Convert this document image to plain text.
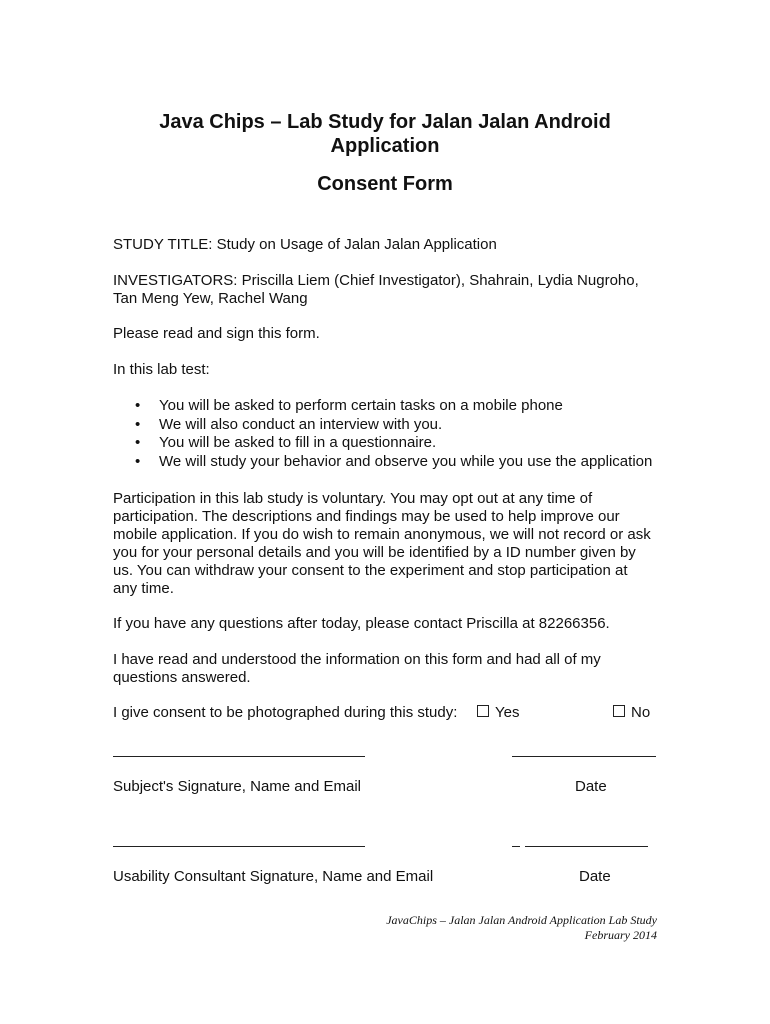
Java Chips – Lab Study for Jalan Jalan Android
Application
Consent Form
STUDY TITLE: Study on Usage of Jalan Jalan Application
INVESTIGATORS: Priscilla Liem (Chief Investigator), Shahrain, Lydia Nugroho,
Tan Meng Yew, Rachel Wang
Please read and sign this form.
In this lab test:
• You will be asked to perform certain tasks on a mobile phone
• We will also conduct an interview with you.
• You will be asked to fill in a questionnaire.
• We will study your behavior and observe you while you use the application
Participation in this lab study is voluntary. You may opt out at any time of
participation. The descriptions and findings may be used to help improve our
mobile application. If you do wish to remain anonymous, we will not record or ask
you for your personal details and you will be identified by a ID number given by
us. You can withdraw your consent to the experiment and stop participation at
any time.
If you have any questions after today, please contact Priscilla at 82266356.
I have read and understood the information on this form and had all of my
questions answered.
I give consent to be photographed during this study:	Yes	No
Subject's Signature, Name and Email	Date
Usability Consultant Signature, Name and Email	Date
JavaChips – Jalan Jalan Android Application Lab Study
February 2014
